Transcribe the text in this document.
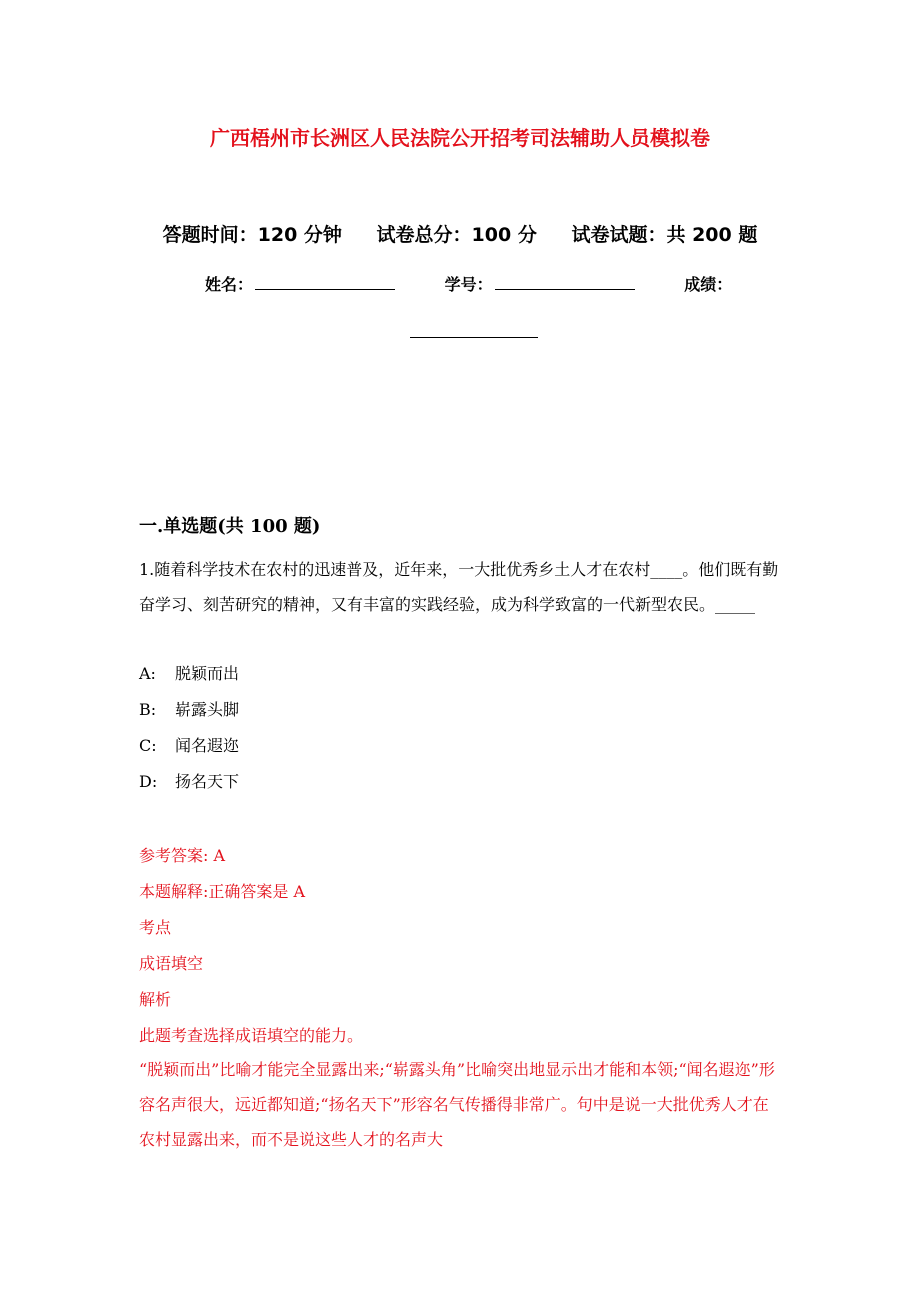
广西梧州市长洲区人民法院公开招考司法辅助人员模拟卷
答题时间：120 分钟 试卷总分：100 分 试卷试题：共 200 题
姓名：	学号：	成绩：
一.单选题(共 100 题)
1.随着科学技术在农村的迅速普及，近年来，一大批优秀乡土人才在农村____。他们既有勤奋学习、刻苦研究的精神，又有丰富的实践经验，成为科学致富的一代新型农民。_____
A: 脱颖而出
B: 崭露头脚
C: 闻名遐迩
D: 扬名天下
参考答案: A
本题解释:正确答案是 A
考点
成语填空
解析
此题考查选择成语填空的能力。
“脱颖而出”比喻才能完全显露出来;“崭露头角”比喻突出地显示出才能和本领;“闻名遐迩”形容名声很大，远近都知道;“扬名天下”形容名气传播得非常广。句中是说一大批优秀人才在农村显露出来，而不是说这些人才的名声大
